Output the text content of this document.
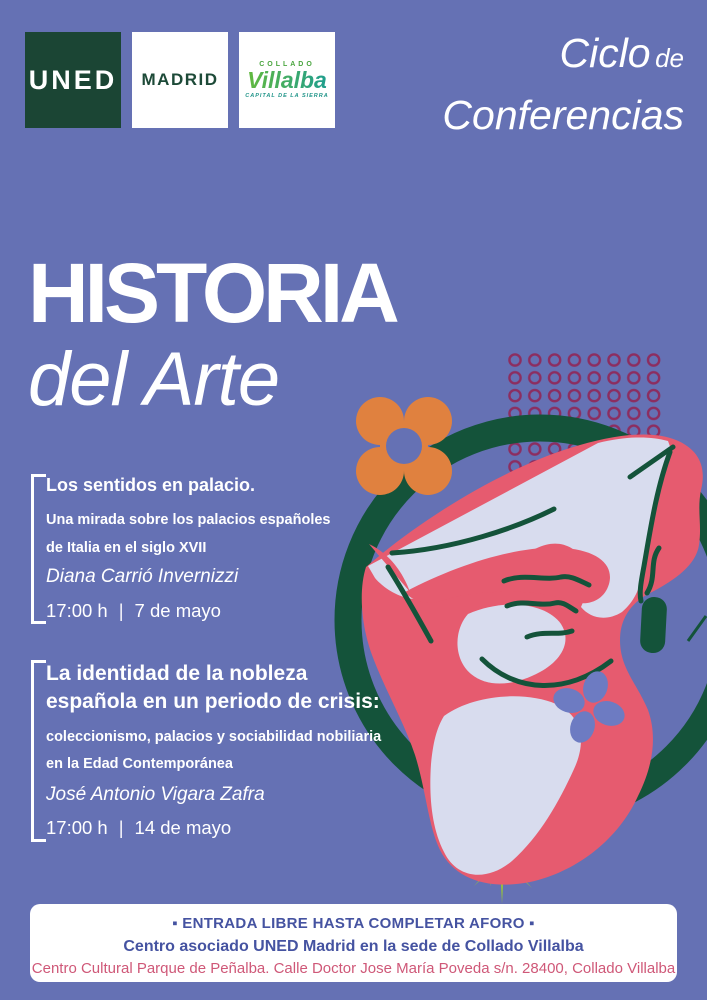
UNED MADRID
COLLADO
Villalba
CAPITAL DE LA SIERRA
Ciclo de
Conferencias
HISTORIA
del Arte
Los sentidos en palacio.

Una mirada sobre los palacios españoles
de Italia en el siglo XVII

Diana Carrió Invernizzi

17:00 h | 7 de mayo

La identidad de la nobleza
española en un periodo de crisis:

coleccionismo, palacios y sociabilidad nobiliaria
en la Edad Contemporánea

José Antonio Vigara Zafra

17:00 h | 14 de mayo

▪ ENTRADA LIBRE HASTA COMPLETAR AFORO ▪

Centro asociado UNED Madrid en la sede de Collado Villalba

Centro Cultural Parque de Peñalba. Calle Doctor Jose María Poveda s/n. 28400, Collado Villalba
